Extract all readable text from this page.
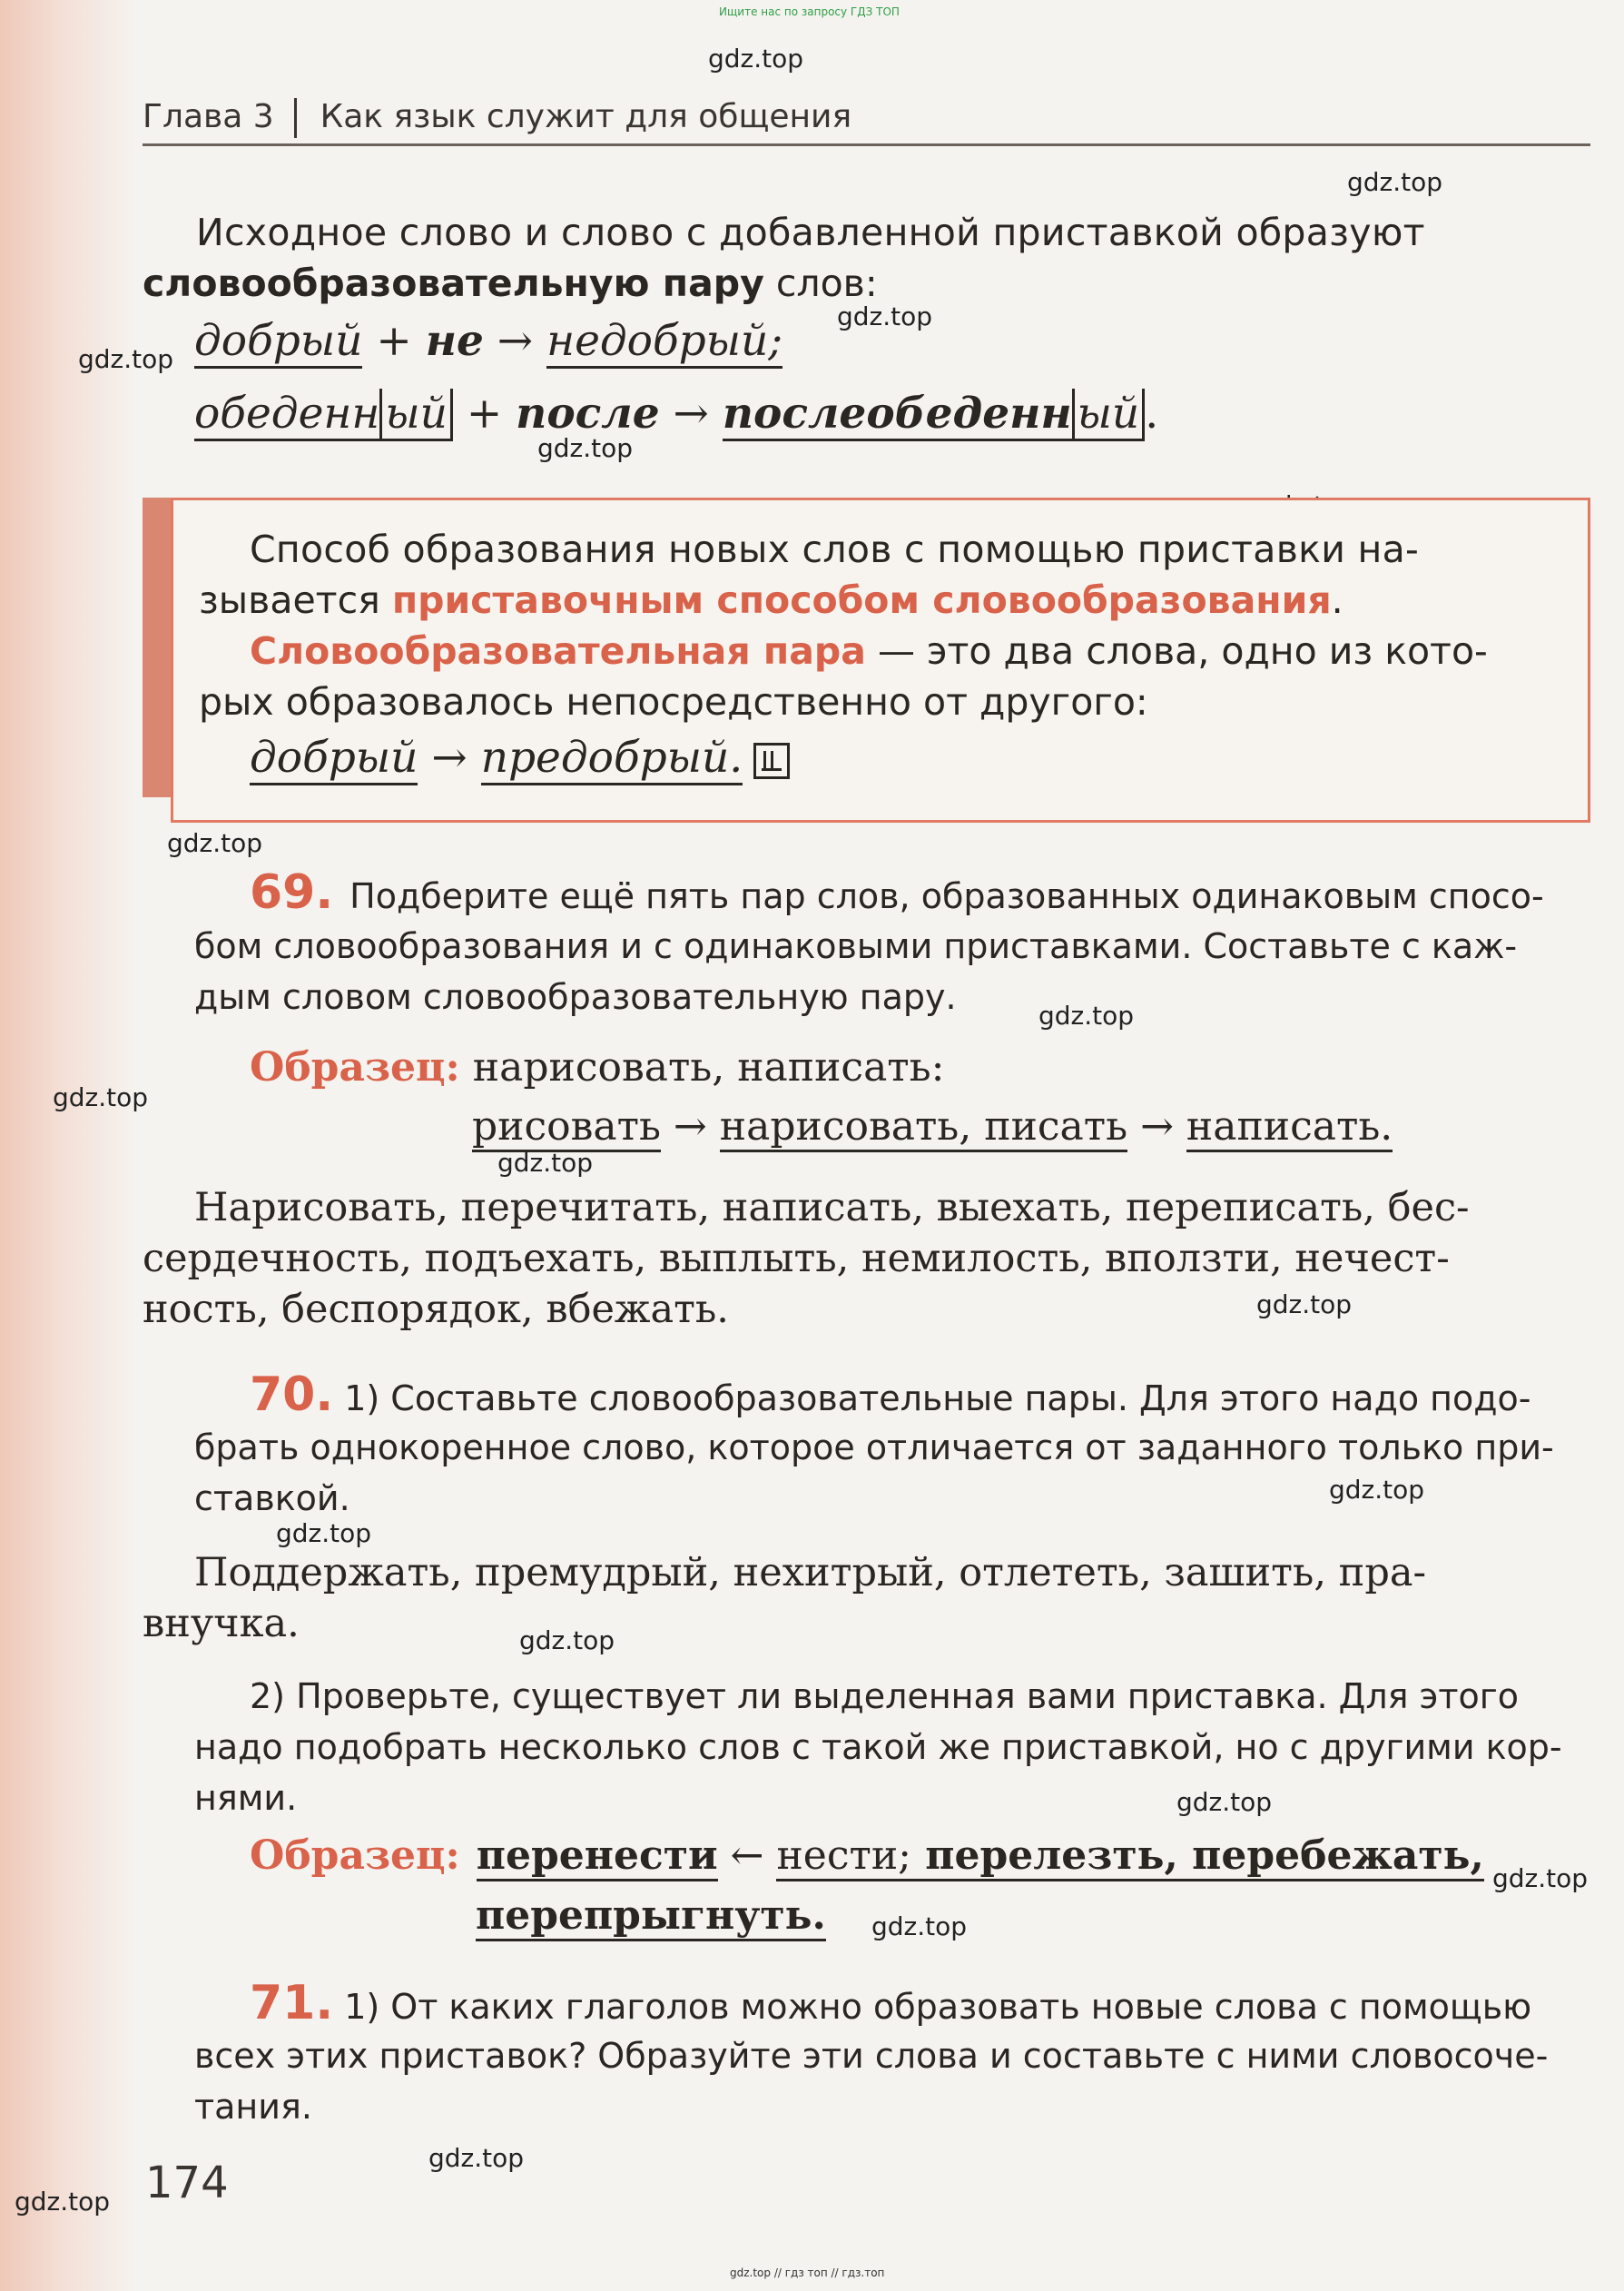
Ищите нас по запросу ГДЗ ТОП
gdz.top
gdz.top
gdz.top
gdz.top
gdz.top
gdz.top
gdz.top
gdz.top
gdz.top
gdz.top
gdz.top
gdz.top
gdz.top
gdz.top
gdz.top
gdz.top
gdz.top
gdz.top
gdz.top // гдз топ // гдз.топ
Глава 3 Как язык служит для общения
Исходное слово и слово с добавленной приставкой образуют
словообразовательную пару слов:
добрый + не → недобрый;
обеденн ый + после → послеобеденн ый .
Способ образования новых слов с помощью приставки на-
зывается приставочным способом словообразования.
Словообразовательная пара — это два слова, одно из кото-
рых образовалось непосредственно от другого:
добрый → предобрый.
69. Подберите ещё пять пар слов, образованных одинаковым спосо-
бом словообразования и с одинаковыми приставками. Составьте с каж-
дым словом словообразовательную пару.
Образец: нарисовать, написать:
рисовать → нарисовать, писать → написать.
Нарисовать, перечитать, написать, выехать, переписать, бес-
сердечность, подъехать, выплыть, немилость, вползти, нечест-
ность, беспорядок, вбежать.
70. 1) Составьте словообразовательные пары. Для этого надо подо-
брать однокоренное слово, которое отличается от заданного только при-
ставкой.
Поддержать, премудрый, нехитрый, отлететь, зашить, пра-
внучка.
2) Проверьте, существует ли выделенная вами приставка. Для этого
надо подобрать несколько слов с такой же приставкой, но с другими кор-
нями.
Образец: перенести ← нести; перелезть, перебежать,
перепрыгнуть.
71. 1) От каких глаголов можно образовать новые слова с помощью
всех этих приставок? Образуйте эти слова и составьте с ними словосоче-
тания.
174
